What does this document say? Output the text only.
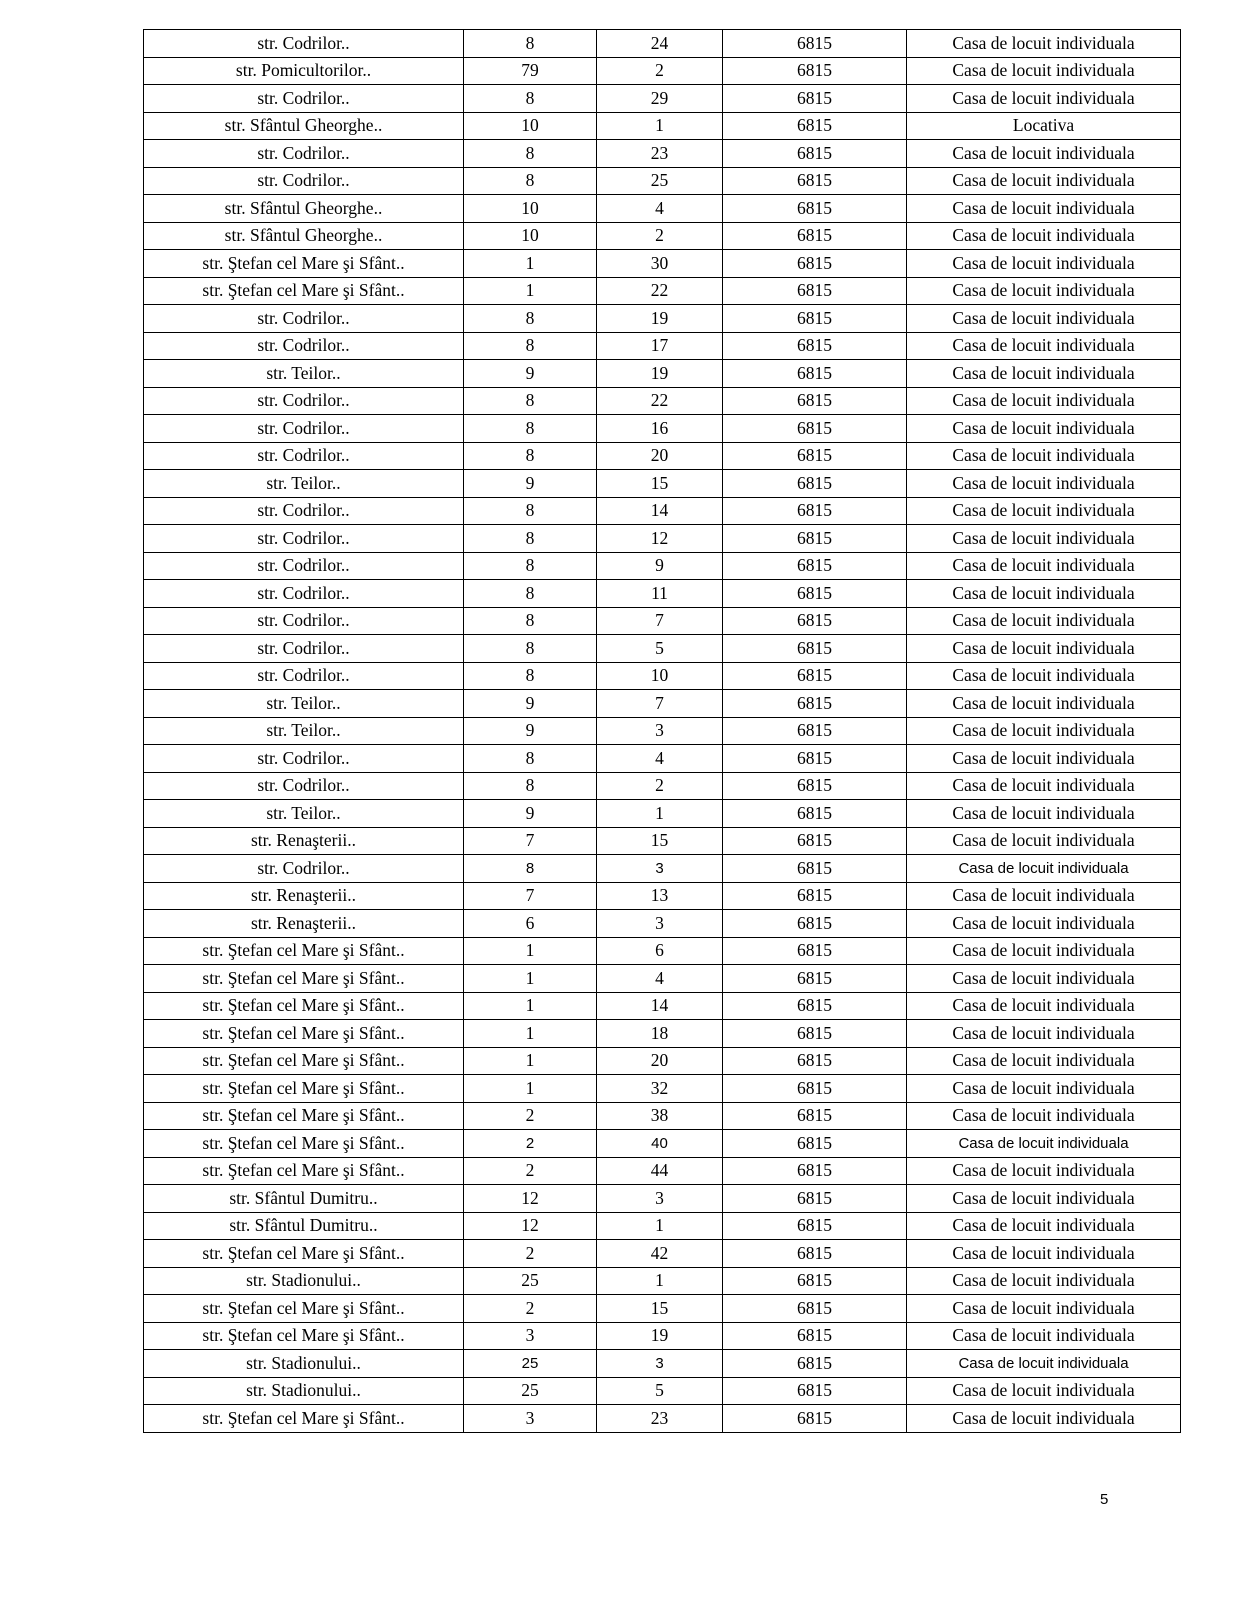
str. Codrilor..	8	24	6815	Casa de locuit individuala
str. Pomicultorilor..	79	2	6815	Casa de locuit individuala
str. Codrilor..	8	29	6815	Casa de locuit individuala
str. Sfântul Gheorghe..	10	1	6815	Locativa
str. Codrilor..	8	23	6815	Casa de locuit individuala
str. Codrilor..	8	25	6815	Casa de locuit individuala
str. Sfântul Gheorghe..	10	4	6815	Casa de locuit individuala
str. Sfântul Gheorghe..	10	2	6815	Casa de locuit individuala
str. Ştefan cel Mare şi Sfânt..	1	30	6815	Casa de locuit individuala
str. Ştefan cel Mare şi Sfânt..	1	22	6815	Casa de locuit individuala
str. Codrilor..	8	19	6815	Casa de locuit individuala
str. Codrilor..	8	17	6815	Casa de locuit individuala
str. Teilor..	9	19	6815	Casa de locuit individuala
str. Codrilor..	8	22	6815	Casa de locuit individuala
str. Codrilor..	8	16	6815	Casa de locuit individuala
str. Codrilor..	8	20	6815	Casa de locuit individuala
str. Teilor..	9	15	6815	Casa de locuit individuala
str. Codrilor..	8	14	6815	Casa de locuit individuala
str. Codrilor..	8	12	6815	Casa de locuit individuala
str. Codrilor..	8	9	6815	Casa de locuit individuala
str. Codrilor..	8	11	6815	Casa de locuit individuala
str. Codrilor..	8	7	6815	Casa de locuit individuala
str. Codrilor..	8	5	6815	Casa de locuit individuala
str. Codrilor..	8	10	6815	Casa de locuit individuala
str. Teilor..	9	7	6815	Casa de locuit individuala
str. Teilor..	9	3	6815	Casa de locuit individuala
str. Codrilor..	8	4	6815	Casa de locuit individuala
str. Codrilor..	8	2	6815	Casa de locuit individuala
str. Teilor..	9	1	6815	Casa de locuit individuala
str. Renaşterii..	7	15	6815	Casa de locuit individuala
str. Codrilor..	8	3	6815	Casa de locuit individuala
str. Renaşterii..	7	13	6815	Casa de locuit individuala
str. Renaşterii..	6	3	6815	Casa de locuit individuala
str. Ştefan cel Mare şi Sfânt..	1	6	6815	Casa de locuit individuala
str. Ştefan cel Mare şi Sfânt..	1	4	6815	Casa de locuit individuala
str. Ştefan cel Mare şi Sfânt..	1	14	6815	Casa de locuit individuala
str. Ştefan cel Mare şi Sfânt..	1	18	6815	Casa de locuit individuala
str. Ştefan cel Mare şi Sfânt..	1	20	6815	Casa de locuit individuala
str. Ştefan cel Mare şi Sfânt..	1	32	6815	Casa de locuit individuala
str. Ştefan cel Mare şi Sfânt..	2	38	6815	Casa de locuit individuala
str. Ştefan cel Mare şi Sfânt..	2	40	6815	Casa de locuit individuala
str. Ştefan cel Mare şi Sfânt..	2	44	6815	Casa de locuit individuala
str. Sfântul Dumitru..	12	3	6815	Casa de locuit individuala
str. Sfântul Dumitru..	12	1	6815	Casa de locuit individuala
str. Ştefan cel Mare şi Sfânt..	2	42	6815	Casa de locuit individuala
str. Stadionului..	25	1	6815	Casa de locuit individuala
str. Ştefan cel Mare şi Sfânt..	2	15	6815	Casa de locuit individuala
str. Ştefan cel Mare şi Sfânt..	3	19	6815	Casa de locuit individuala
str. Stadionului..	25	3	6815	Casa de locuit individuala
str. Stadionului..	25	5	6815	Casa de locuit individuala
str. Ştefan cel Mare şi Sfânt..	3	23	6815	Casa de locuit individuala
5
